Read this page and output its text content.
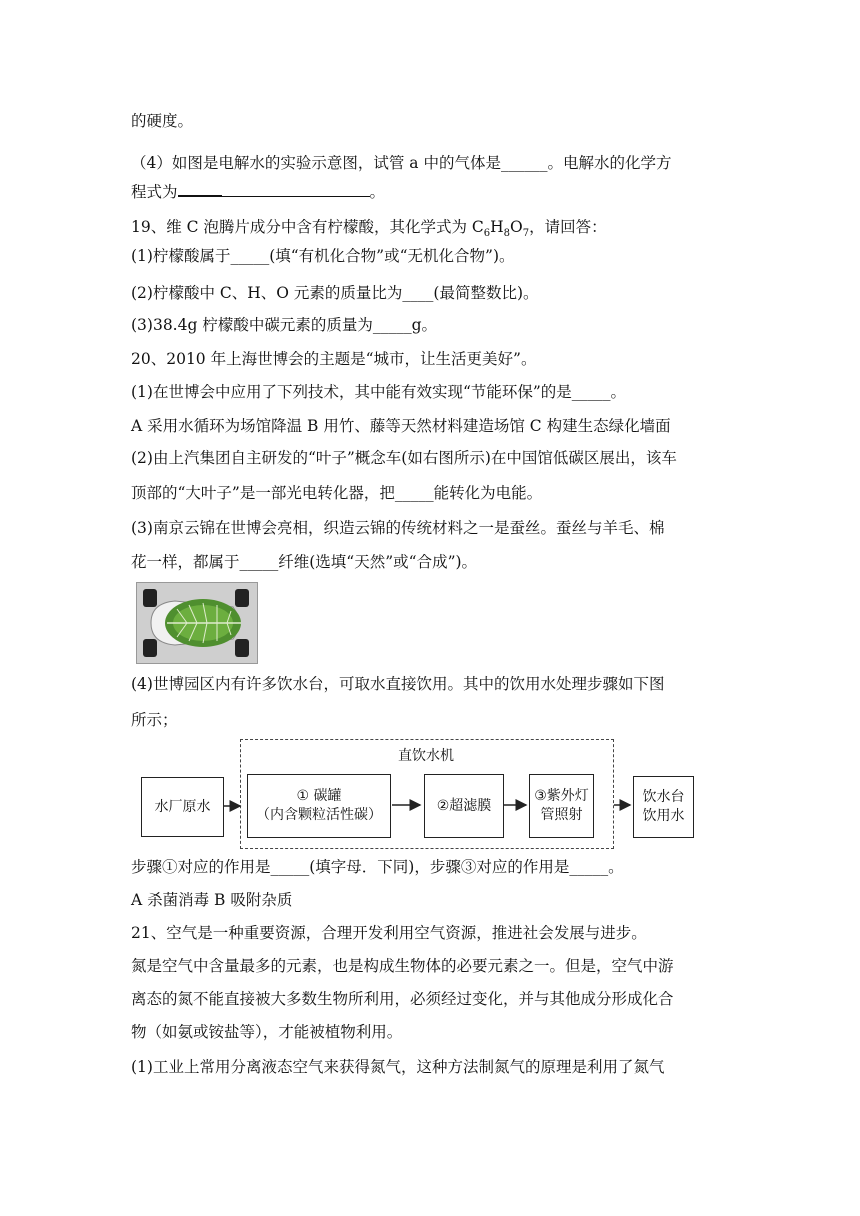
的硬度。
（4）如图是电解水的实验示意图，试管 a 中的气体是______。电解水的化学方
程式为	。
19、维 C 泡腾片成分中含有柠檬酸，其化学式为 $C_6H_8O_7$，请回答：
(1)柠檬酸属于_____(填“有机化合物”或“无机化合物”)。
(2)柠檬酸中 C、H、O 元素的质量比为____(最简整数比)。
(3)38.4g 柠檬酸中碳元素的质量为_____g。
20、2010 年上海世博会的主题是“城市，让生活更美好”。
(1)在世博会中应用了下列技术，其中能有效实现“节能环保”的是_____。
A 采用水循环为场馆降温 B 用竹、藤等天然材料建造场馆 C 构建生态绿化墙面
(2)由上汽集团自主研发的“叶子”概念车(如右图所示)在中国馆低碳区展出，该车
顶部的“大叶子”是一部光电转化器，把_____能转化为电能。
(3)南京云锦在世博会亮相，织造云锦的传统材料之一是蚕丝。蚕丝与羊毛、棉
花一样，都属于_____纤维(选填“天然”或“合成”)。
(4)世博园区内有许多饮水台，可取水直接饮用。其中的饮用水处理步骤如下图
所示；
直饮水机
水厂原水
① 碳罐
（内含颗粒活性碳）
②超滤膜
③紫外灯
管照射
饮水台
饮用水
步骤①对应的作用是_____(填字母．下同)，步骤③对应的作用是_____。
A 杀菌消毒 B 吸附杂质
21、空气是一种重要资源，合理开发利用空气资源，推进社会发展与进步。
氮是空气中含量最多的元素，也是构成生物体的必要元素之一。但是，空气中游
离态的氮不能直接被大多数生物所利用，必须经过变化，并与其他成分形成化合
物（如氨或铵盐等），才能被植物利用。
(1)工业上常用分离液态空气来获得氮气，这种方法制氮气的原理是利用了氮气
